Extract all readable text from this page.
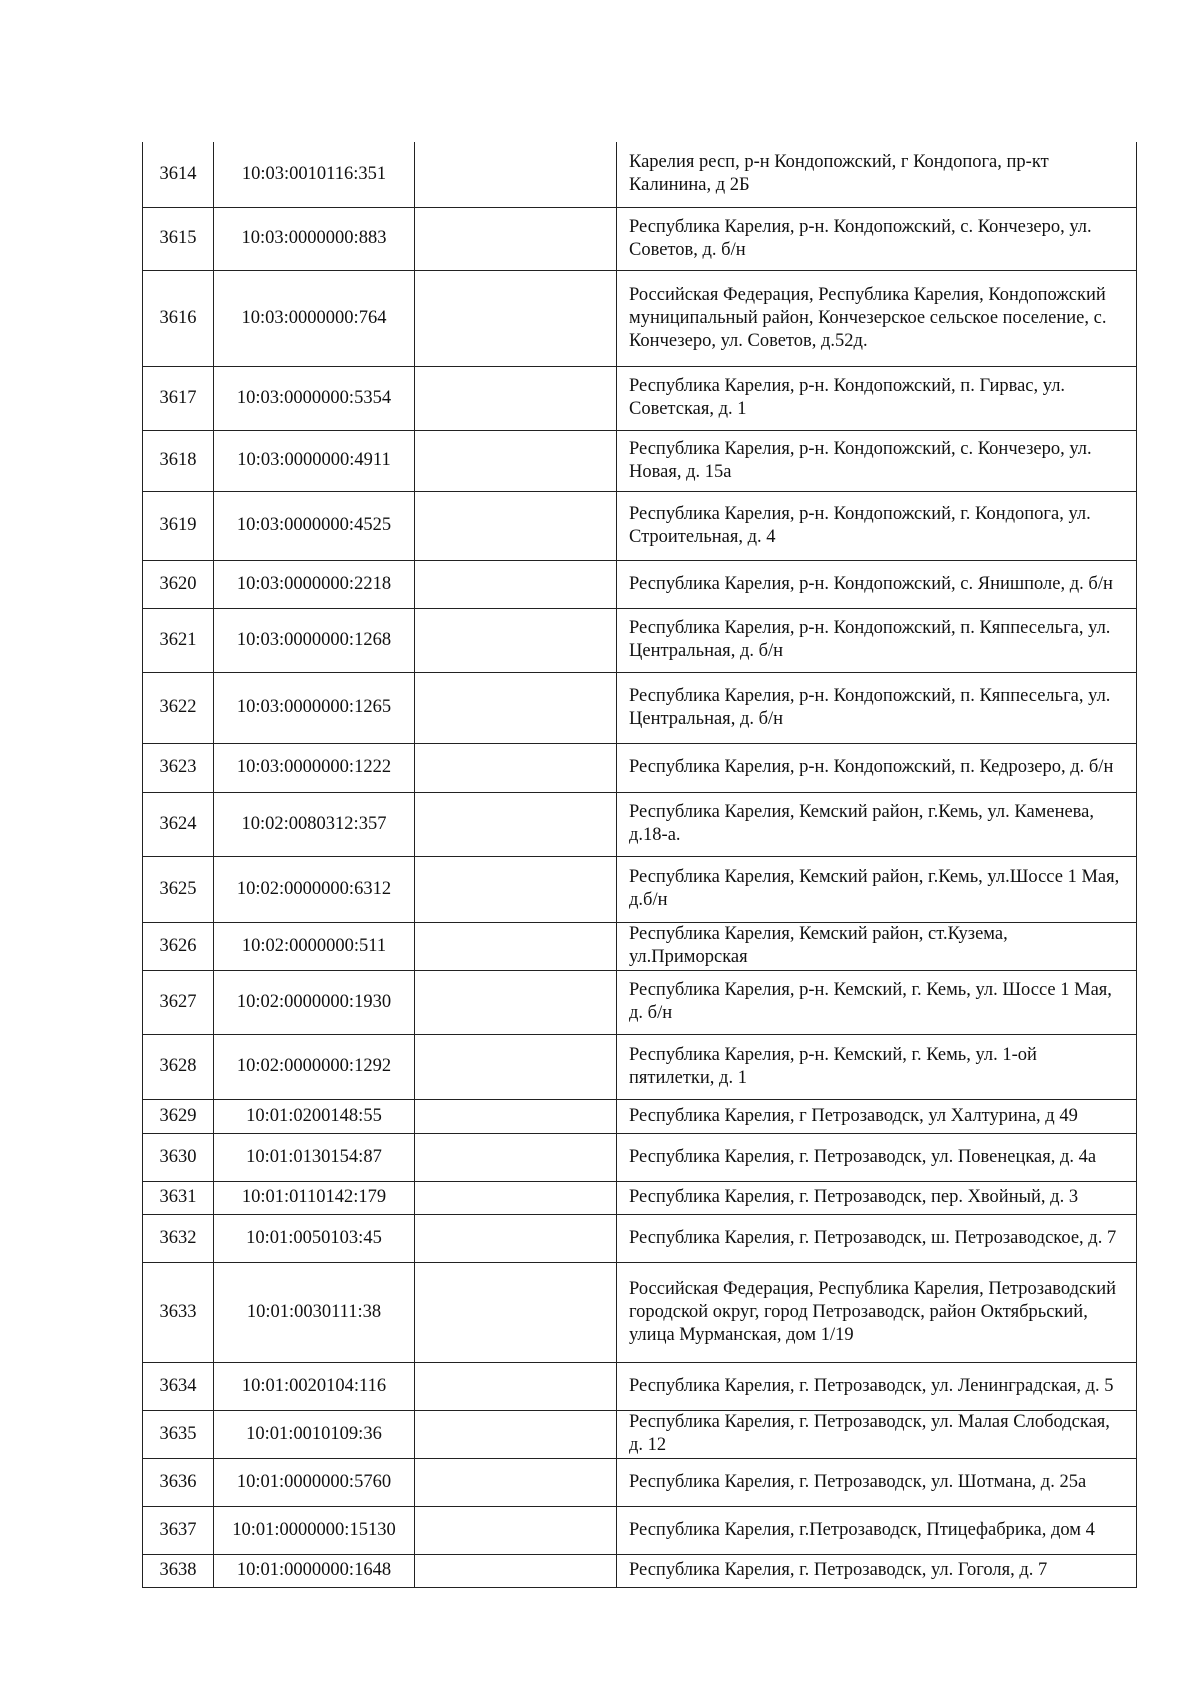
3614	10:03:0010116:351		Карелия респ, р-н Кондопожский, г Кондопога, пр-кт Калинина, д 2Б
3615	10:03:0000000:883		Республика Карелия, р-н. Кондопожский, с. Кончезеро, ул. Советов, д. б/н
3616	10:03:0000000:764		Российская Федерация, Республика Карелия, Кондопожский муниципальный район, Кончезерское сельское поселение, с. Кончезеро, ул. Советов, д.52д.
3617	10:03:0000000:5354		Республика Карелия, р-н. Кондопожский, п. Гирвас, ул. Советская, д. 1
3618	10:03:0000000:4911		Республика Карелия, р-н. Кондопожский, с. Кончезеро, ул. Новая, д. 15а
3619	10:03:0000000:4525		Республика Карелия, р-н. Кондопожский, г. Кондопога, ул. Строительная, д. 4
3620	10:03:0000000:2218		Республика Карелия, р-н. Кондопожский, с. Янишполе, д. б/н
3621	10:03:0000000:1268		Республика Карелия, р-н. Кондопожский, п. Кяппесельга, ул. Центральная, д. б/н
3622	10:03:0000000:1265		Республика Карелия, р-н. Кондопожский, п. Кяппесельга, ул. Центральная, д. б/н
3623	10:03:0000000:1222		Республика Карелия, р-н. Кондопожский, п. Кедрозеро, д. б/н
3624	10:02:0080312:357		Республика Карелия, Кемский район, г.Кемь, ул. Каменева, д.18-а.
3625	10:02:0000000:6312		Республика Карелия, Кемский район, г.Кемь, ул.Шоссе 1 Мая, д.б/н
3626	10:02:0000000:511		Республика Карелия, Кемский район, ст.Кузема, ул.Приморская
3627	10:02:0000000:1930		Республика Карелия, р-н. Кемский, г. Кемь, ул. Шоссе 1 Мая, д. б/н
3628	10:02:0000000:1292		Республика Карелия, р-н. Кемский, г. Кемь, ул. 1-ой пятилетки, д. 1
3629	10:01:0200148:55		Республика Карелия, г Петрозаводск, ул Халтурина, д 49
3630	10:01:0130154:87		Республика Карелия, г. Петрозаводск, ул. Повенецкая, д. 4а
3631	10:01:0110142:179		Республика Карелия, г. Петрозаводск, пер. Хвойный, д. 3
3632	10:01:0050103:45		Республика Карелия, г. Петрозаводск, ш. Петрозаводское, д. 7
3633	10:01:0030111:38		Российская Федерация, Республика Карелия, Петрозаводский городской округ, город Петрозаводск, район Октябрьский, улица Мурманская, дом 1/19
3634	10:01:0020104:116		Республика Карелия, г. Петрозаводск, ул. Ленинградская, д. 5
3635	10:01:0010109:36		Республика Карелия, г. Петрозаводск, ул. Малая Слободская, д. 12
3636	10:01:0000000:5760		Республика Карелия, г. Петрозаводск, ул. Шотмана, д. 25а
3637	10:01:0000000:15130		Республика Карелия, г.Петрозаводск, Птицефабрика, дом 4
3638	10:01:0000000:1648		Республика Карелия, г. Петрозаводск, ул. Гоголя, д. 7
